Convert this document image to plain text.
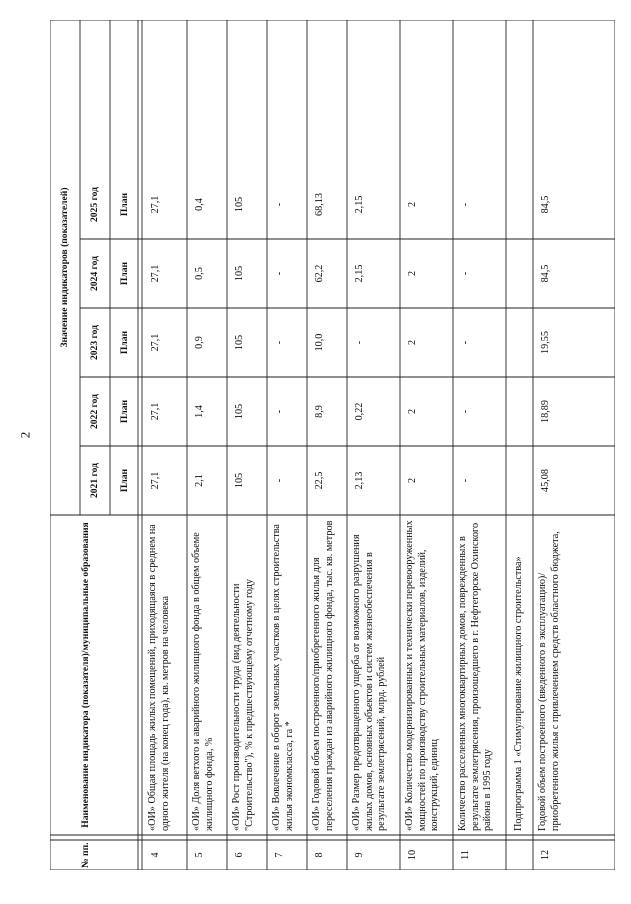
2
№ пп.
Наименование индикатора (показателя)/муниципальные образования
Значение индикаторов (показателей)
2021 год
2022 год
2023 год
2024 год
2025 год
План
План
План
План
План
4
«ОИ» Общая площадь жилых помещений, приходящаяся в среднем на одного жителя (на конец года), кв. метров на человека
27,1
27,1
27,1
27,1
27,1
5
«ОИ» Доля ветхого и аварийного жилищного фонда в общем объеме жилищного фонда, %
2,1
1,4
0,9
0,5
0,4
6
«ОИ» Рост производительности труда (вид деятельности "Строительство"), % к предшествующему отчетному году
105
105
105
105
105
7
«ОИ» Вовлечение в оборот земельных участков в целях строительства жилья экономкласса, га *
-
-
-
-
-
8
«ОИ» Годовой объем построенного/приобретенного жилья для переселения граждан из аварийного жилищного фонда, тыс. кв. метров
22,5
8,9
10,0
62,2
68,13
9
«ОИ» Размер предотвращенного ущерба от возможного разрушения жилых домов, основных объектов и систем жизнеобеспечения в результате землетрясений, млрд. рублей
2,13
0,22
-
2,15
2,15
10
«ОИ» Количество модернизированных и технически перевооруженных мощностей по производству строительных материалов, изделий, конструкций, единиц
2
2
2
2
2
11
Количество расселенных многоквартирных домов, поврежденных в результате землетрясения, произошедшего в г. Нефтегорске Охинского района в 1995 году
-
-
-
-
-
Подпрограмма 1 «Стимулирование жилищного строительства»
12
Годовой объем построенного (введенного в эксплуатацию)/ приобретенного жилья с привлечением средств областного бюджета,
45,08
18,89
19,55
84,5
84,5
